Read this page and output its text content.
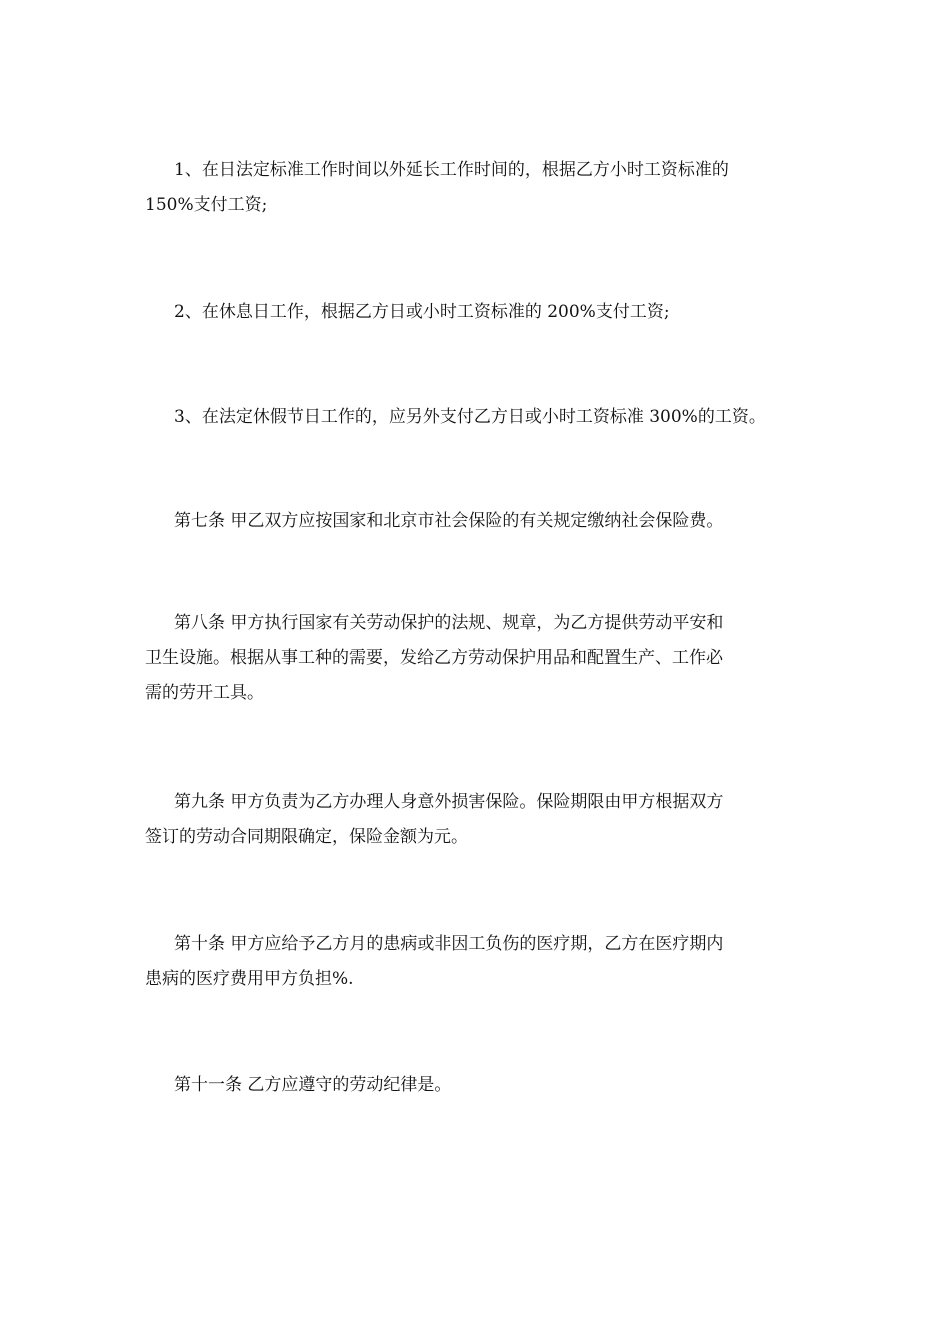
1、在日法定标准工作时间以外延长工作时间的，根据乙方小时工资标准的
150%支付工资;

2、在休息日工作，根据乙方日或小时工资标准的 200%支付工资;

3、在法定休假节日工作的，应另外支付乙方日或小时工资标准 300%的工资。

第七条 甲乙双方应按国家和北京市社会保险的有关规定缴纳社会保险费。

第八条 甲方执行国家有关劳动保护的法规、规章，为乙方提供劳动平安和
卫生设施。根据从事工种的需要，发给乙方劳动保护用品和配置生产、工作必
需的劳开工具。

第九条 甲方负责为乙方办理人身意外损害保险。保险期限由甲方根据双方
签订的劳动合同期限确定，保险金额为元。

第十条 甲方应给予乙方月的患病或非因工负伤的医疗期，乙方在医疗期内
患病的医疗费用甲方负担%.

第十一条 乙方应遵守的劳动纪律是。
